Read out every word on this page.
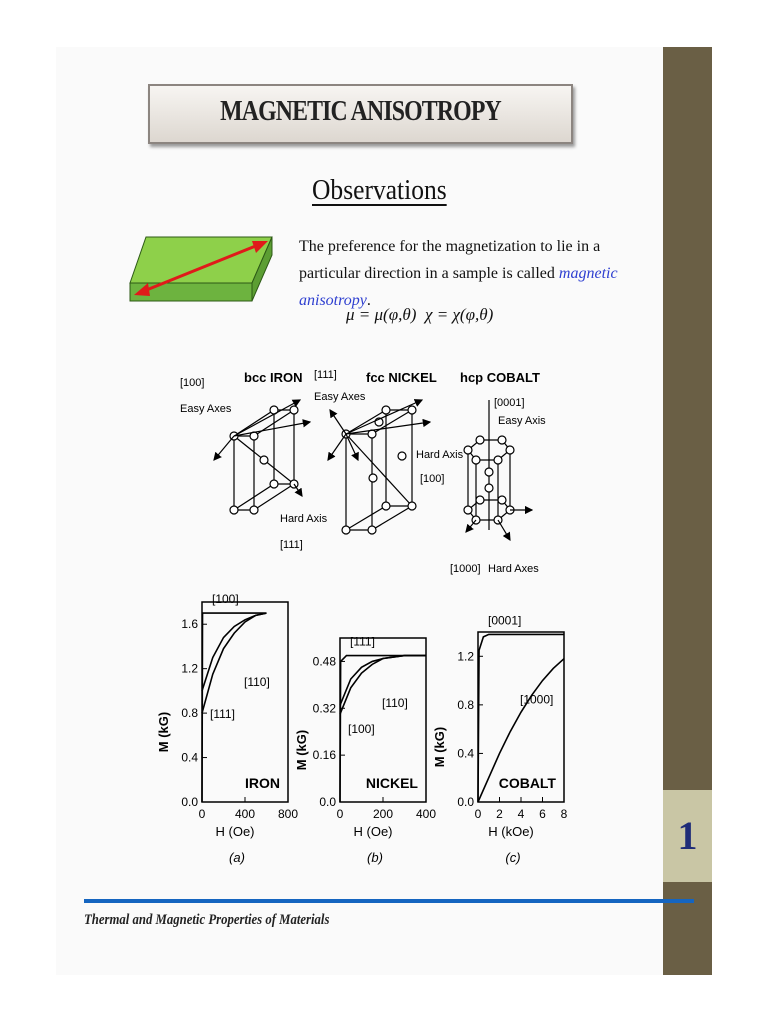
1
MAGNETIC ANISOTROPY
Observations
The preference for the magnetization to lie in a particular direction in a sample is called magnetic anisotropy.
μ = μ(φ,θ) χ = χ(φ,θ)
bcc IRON
[100]
Easy Axes
Hard Axis
[111]
fcc NICKEL
[111]
Easy Axes
Hard Axis
[100]
hcp COBALT
[0001]
Easy Axis
[1000] Hard Axes
0.0
0.4
0.8
1.2
1.6
0 400 800
H (Oe)
M (kG)
(a)
IRON
[100]
[110]
[111]
0.0
0.16
0.32
0.48
0 200 400
H (Oe)
M (kG)
(b)
NICKEL
[111]
[110]
[100]
0.0
0.4
0.8
1.2
0 2 4 6 8
H (kOe)
M (kG)
(c)
COBALT
[0001]
[1000]
Thermal and Magnetic Properties of Materials
